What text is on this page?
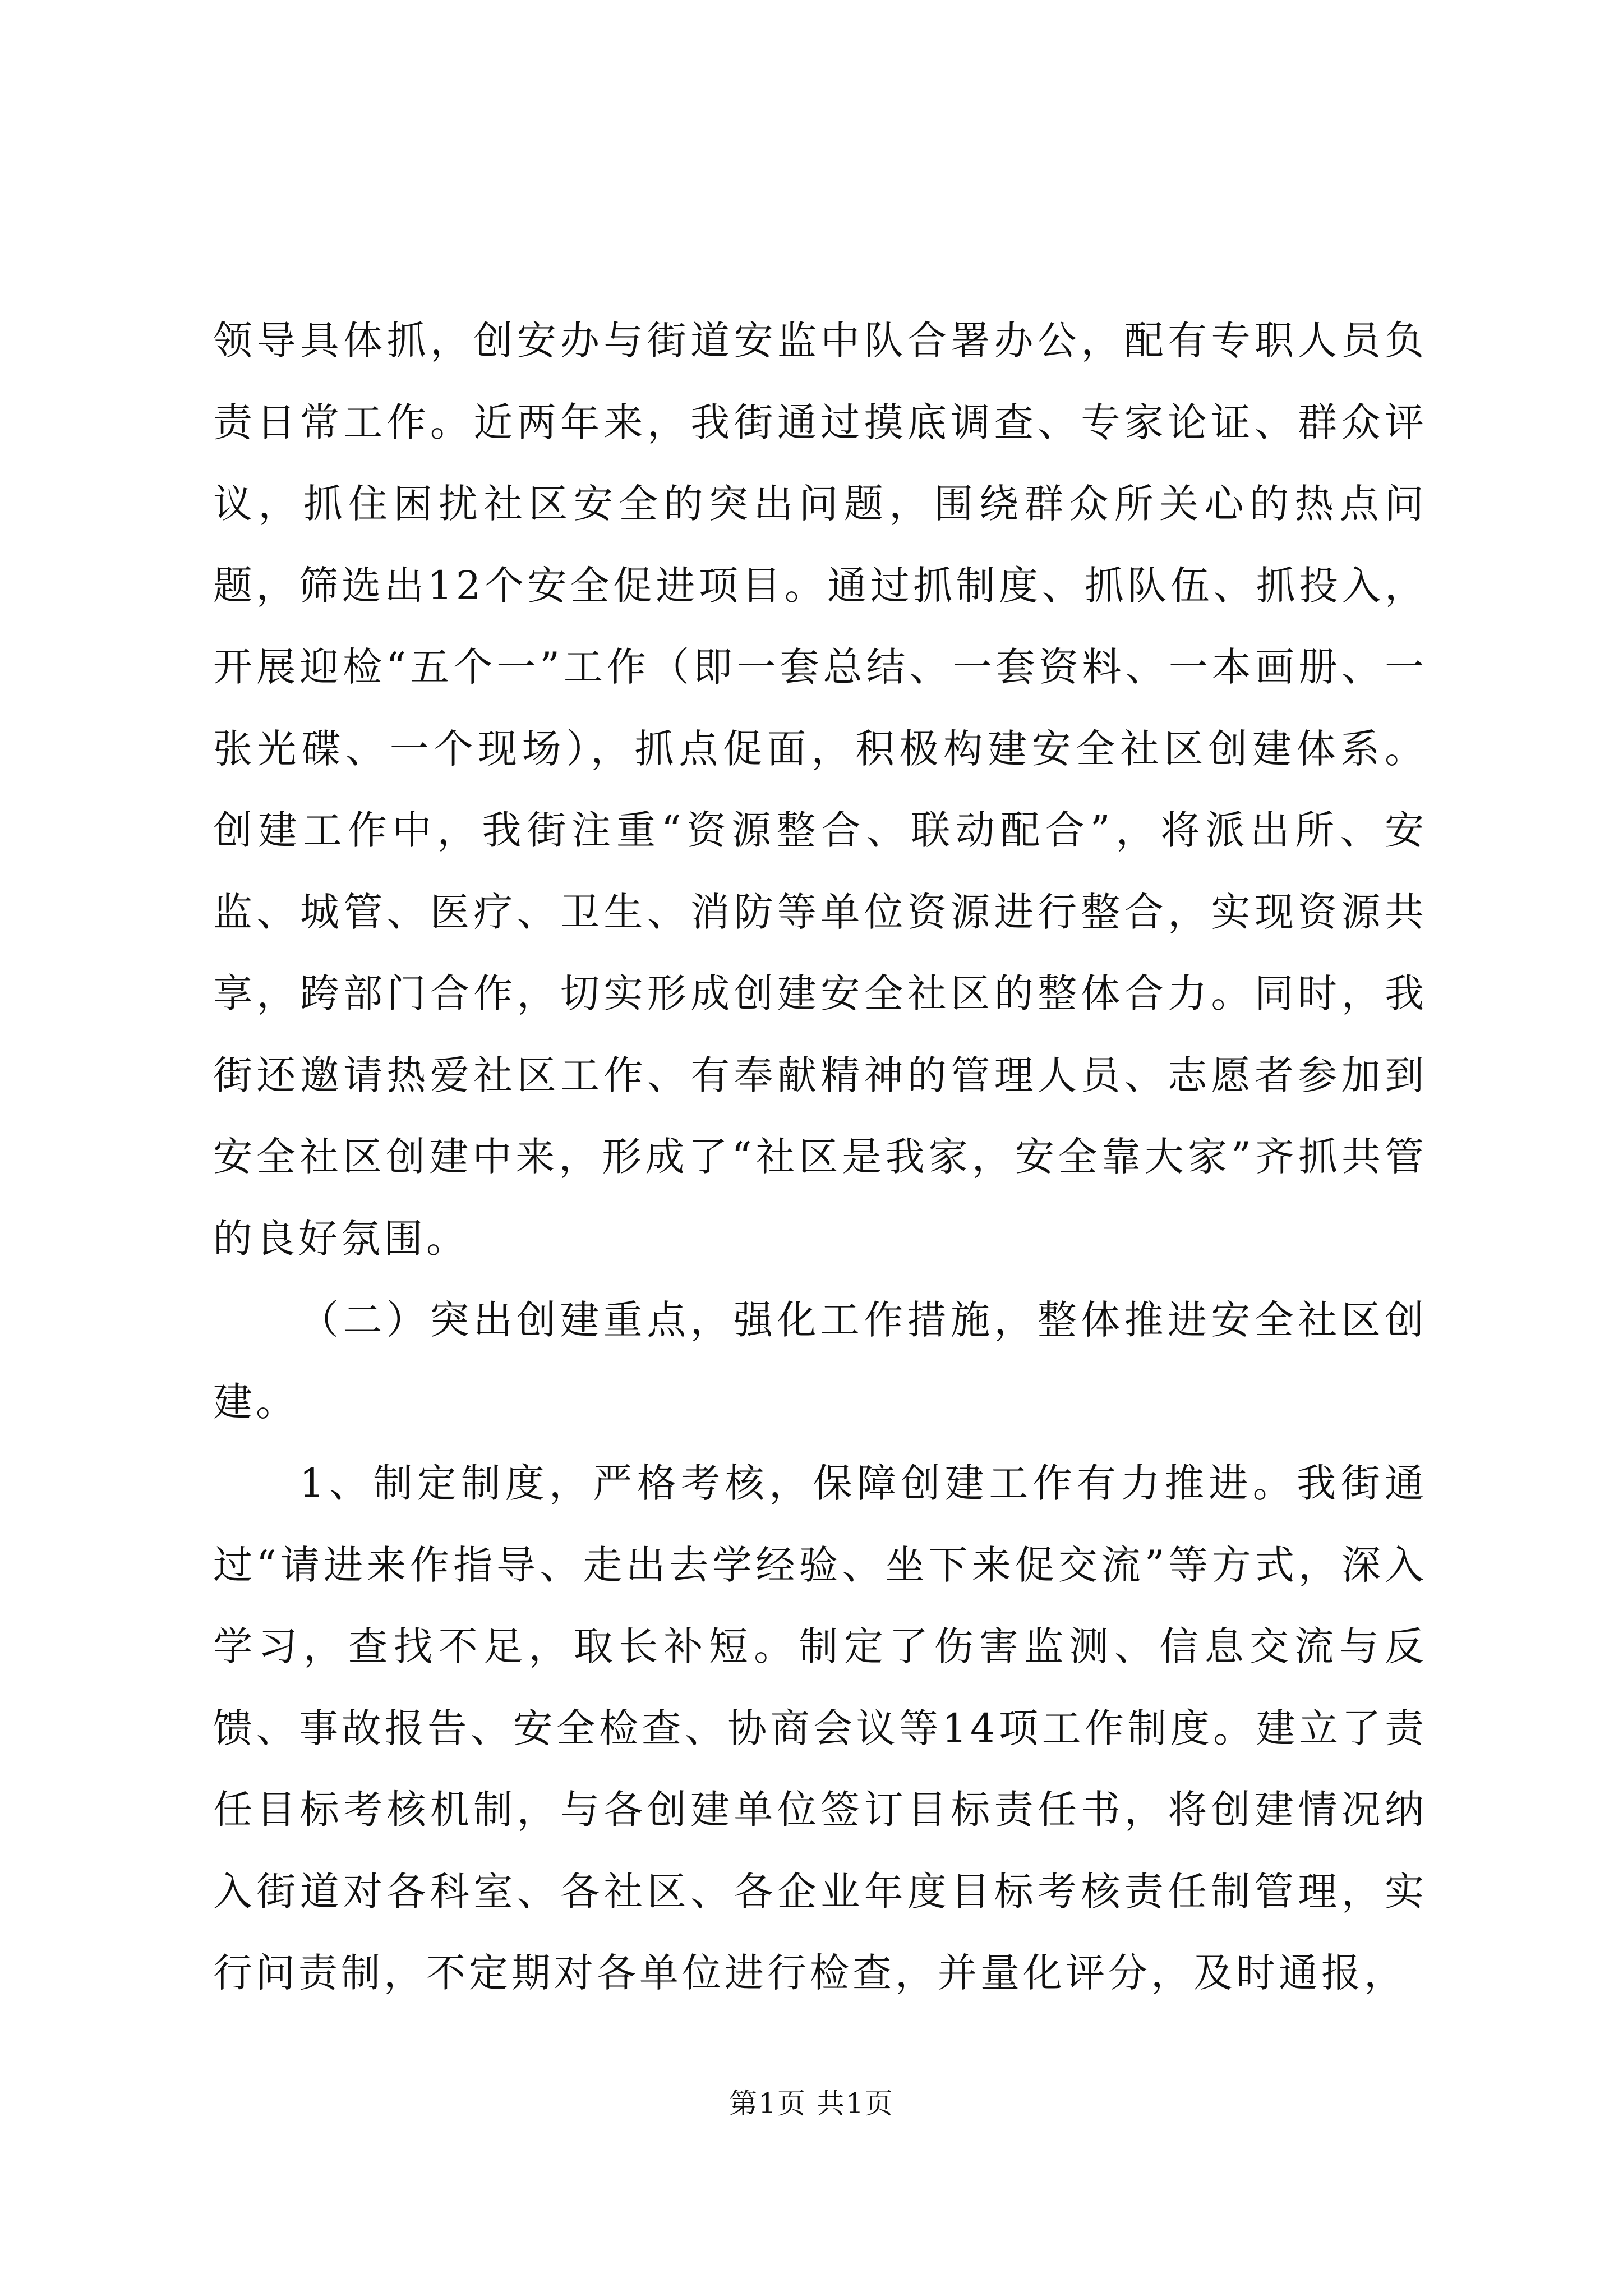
领导具体抓，创安办与街道安监中队合署办公，配有专职人员负责日常工作。近两年来，我街通过摸底调查、专家论证、群众评议，抓住困扰社区安全的突出问题，围绕群众所关心的热点问题，筛选出12个安全促进项目。通过抓制度、抓队伍、抓投入，开展迎检“五个一”工作（即一套总结、一套资料、一本画册、一张光碟、一个现场），抓点促面，积极构建安全社区创建体系。创建工作中，我街注重“资源整合、联动配合”，将派出所、安监、城管、医疗、卫生、消防等单位资源进行整合，实现资源共享，跨部门合作，切实形成创建安全社区的整体合力。同时，我街还邀请热爱社区工作、有奉献精神的管理人员、志愿者参加到安全社区创建中来，形成了“社区是我家，安全靠大家”齐抓共管的良好氛围。

（二）突出创建重点，强化工作措施，整体推进安全社区创建。

1、制定制度，严格考核，保障创建工作有力推进。我街通过“请进来作指导、走出去学经验、坐下来促交流”等方式，深入学习，查找不足，取长补短。制定了伤害监测、信息交流与反馈、事故报告、安全检查、协商会议等14项工作制度。建立了责任目标考核机制，与各创建单位签订目标责任书，将创建情况纳入街道对各科室、各社区、各企业年度目标考核责任制管理，实行问责制，不定期对各单位进行检查，并量化评分，及时通报，

第1页 共1页
